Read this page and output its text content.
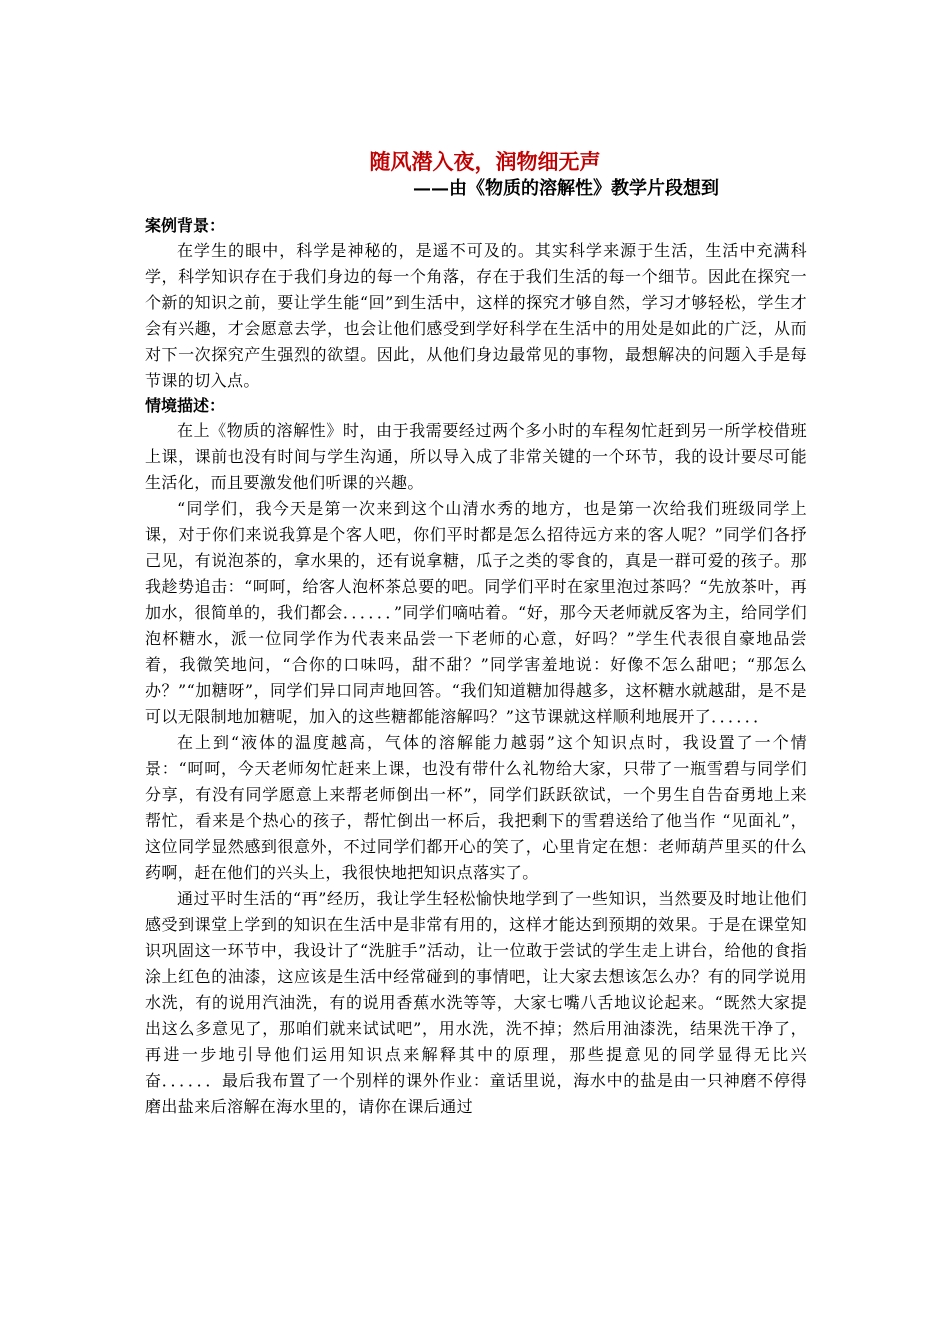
随风潜入夜，润物细无声
——由《物质的溶解性》教学片段想到
案例背景：

在学生的眼中，科学是神秘的，是遥不可及的。其实科学来源于生活，生活中充满科学，科学知识存在于我们身边的每一个角落，存在于我们生活的每一个细节。因此在探究一个新的知识之前，要让学生能“回”到生活中，这样的探究才够自然，学习才够轻松，学生才会有兴趣，才会愿意去学，也会让他们感受到学好科学在生活中的用处是如此的广泛，从而对下一次探究产生强烈的欲望。因此，从他们身边最常见的事物，最想解决的问题入手是每节课的切入点。

情境描述：

在上《物质的溶解性》时，由于我需要经过两个多小时的车程匆忙赶到另一所学校借班上课，课前也没有时间与学生沟通，所以导入成了非常关键的一个环节，我的设计要尽可能生活化，而且要激发他们听课的兴趣。

“同学们，我今天是第一次来到这个山清水秀的地方，也是第一次给我们班级同学上课，对于你们来说我算是个客人吧，你们平时都是怎么招待远方来的客人呢？”同学们各抒己见，有说泡茶的，拿水果的，还有说拿糖，瓜子之类的零食的，真是一群可爱的孩子。那我趁势追击：“呵呵，给客人泡杯茶总要的吧。同学们平时在家里泡过茶吗？“先放茶叶，再加水，很简单的，我们都会．．．．．．”同学们嘀咕着。“好，那今天老师就反客为主，给同学们泡杯糖水，派一位同学作为代表来品尝一下老师的心意，好吗？”学生代表很自豪地品尝着，我微笑地问，“合你的口味吗，甜不甜？”同学害羞地说：好像不怎么甜吧；“那怎么办？”“加糖呀”，同学们异口同声地回答。“我们知道糖加得越多，这杯糖水就越甜，是不是可以无限制地加糖呢，加入的这些糖都能溶解吗？”这节课就这样顺利地展开了．．．．．．

在上到“液体的温度越高，气体的溶解能力越弱”这个知识点时，我设置了一个情景：“呵呵，今天老师匆忙赶来上课，也没有带什么礼物给大家，只带了一瓶雪碧与同学们分享，有没有同学愿意上来帮老师倒出一杯”，同学们跃跃欲试，一个男生自告奋勇地上来帮忙，看来是个热心的孩子，帮忙倒出一杯后，我把剩下的雪碧送给了他当作 “见面礼”，这位同学显然感到很意外，不过同学们都开心的笑了，心里肯定在想：老师葫芦里买的什么药啊，赶在他们的兴头上，我很快地把知识点落实了。

通过平时生活的“再”经历，我让学生轻松愉快地学到了一些知识，当然要及时地让他们感受到课堂上学到的知识在生活中是非常有用的，这样才能达到预期的效果。于是在课堂知识巩固这一环节中，我设计了“洗脏手”活动，让一位敢于尝试的学生走上讲台，给他的食指涂上红色的油漆，这应该是生活中经常碰到的事情吧，让大家去想该怎么办？有的同学说用水洗，有的说用汽油洗，有的说用香蕉水洗等等，大家七嘴八舌地议论起来。“既然大家提出这么多意见了，那咱们就来试试吧”，用水洗，洗不掉；然后用油漆洗，结果洗干净了，再进一步地引导他们运用知识点来解释其中的原理，那些提意见的同学显得无比兴奋．．．．．．最后我布置了一个别样的课外作业：童话里说，海水中的盐是由一只神磨不停得磨出盐来后溶解在海水里的，请你在课后通过
